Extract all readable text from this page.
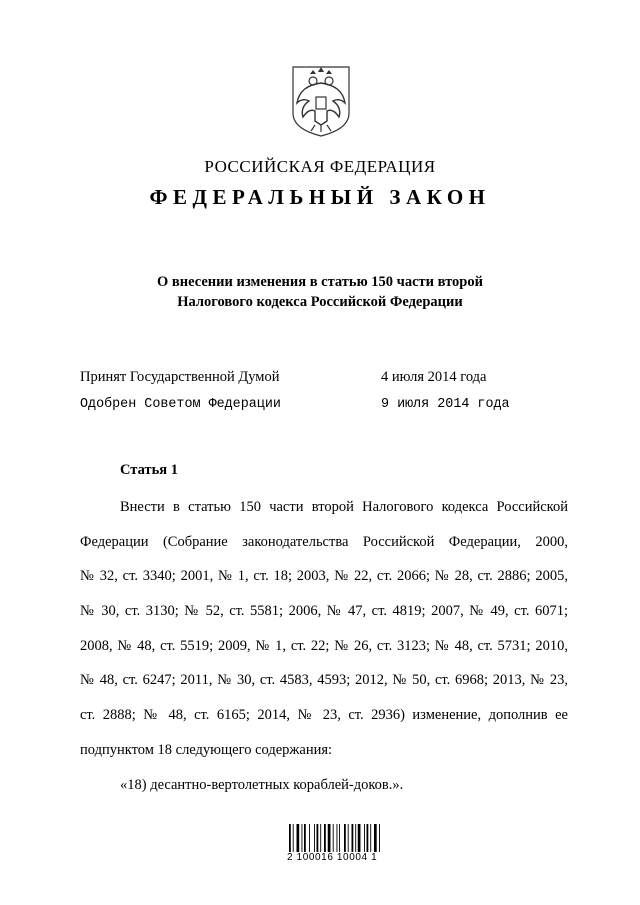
РОССИЙСКАЯ ФЕДЕРАЦИЯ
ФЕДЕРАЛЬНЫЙ ЗАКОН
О внесении изменения в статью 150 части второй
Налогового кодекса Российской Федерации
Принят Государственной Думой	4 июля 2014 года
Одобрен Советом Федерации	9 июля 2014 года
Статья 1
Внести в статью 150 части второй Налогового кодекса Российской
Федерации (Собрание законодательства Российской Федерации, 2000,
№ 32, ст. 3340; 2001, № 1, ст. 18; 2003, № 22, ст. 2066; № 28, ст. 2886; 2005,
№ 30, ст. 3130; № 52, ст. 5581; 2006, № 47, ст. 4819; 2007, № 49, ст. 6071;
2008, № 48, ст. 5519; 2009, № 1, ст. 22; № 26, ст. 3123; № 48, ст. 5731; 2010,
№ 48, ст. 6247; 2011, № 30, ст. 4583, 4593; 2012, № 50, ст. 6968; 2013, № 23,
ст. 2888; № 48, ст. 6165; 2014, № 23, ст. 2936) изменение, дополнив ее
подпунктом 18 следующего содержания:
«18) десантно-вертолетных кораблей-доков.».
2 100016 10004 1
